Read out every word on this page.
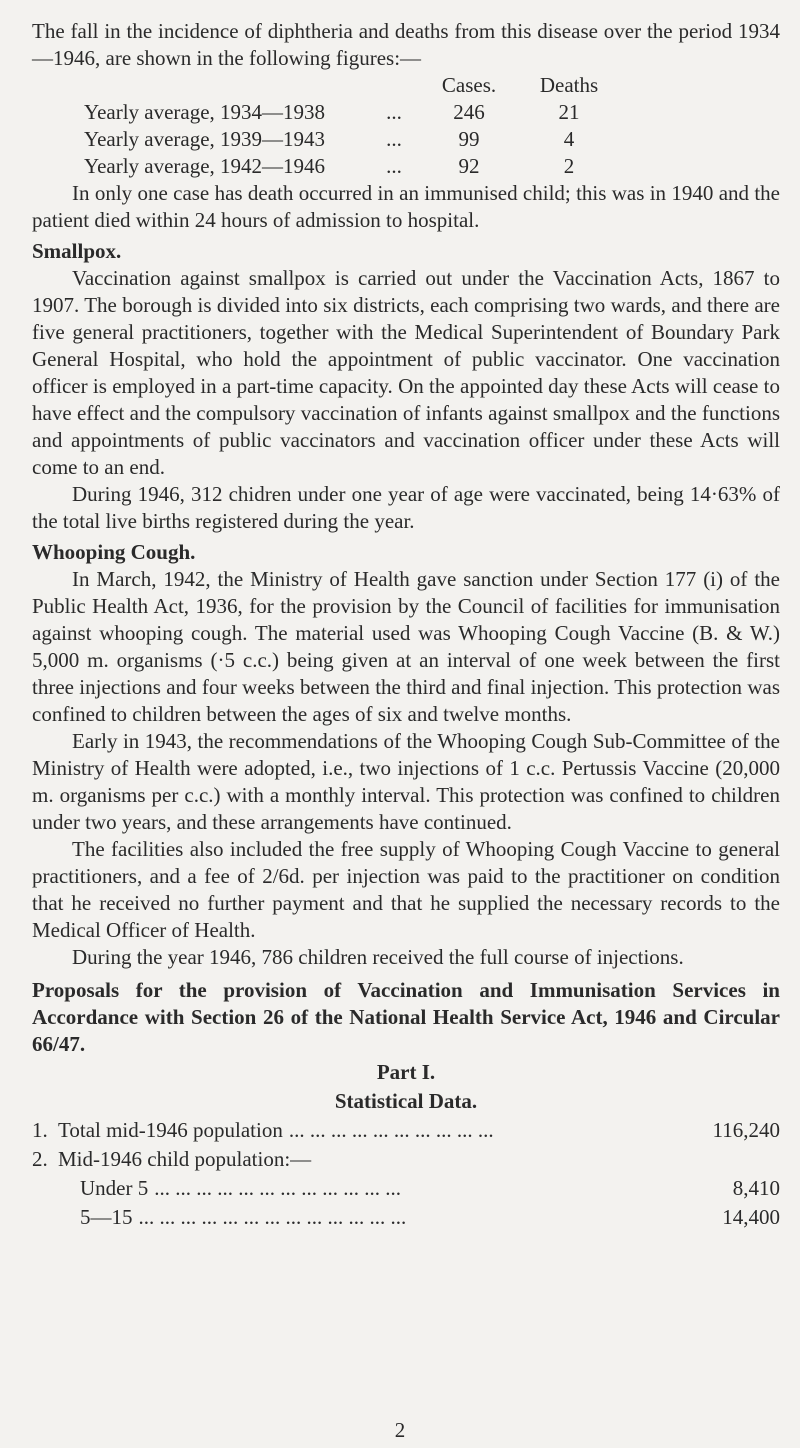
The fall in the incidence of diphtheria and deaths from this disease over the period 1934—1946, are shown in the following figures:—

		Cases.	Deaths
Yearly average, 1934—1938	...	246	21
Yearly average, 1939—1943	...	99	4
Yearly average, 1942—1946	...	92	2

In only one case has death occurred in an immunised child; this was in 1940 and the patient died within 24 hours of admission to hospital.

Smallpox.

Vaccination against smallpox is carried out under the Vaccination Acts, 1867 to 1907. The borough is divided into six districts, each comprising two wards, and there are five general practitioners, together with the Medical Superintendent of Boundary Park General Hospital, who hold the appointment of public vaccinator. One vaccination officer is employed in a part-time capacity. On the appointed day these Acts will cease to have effect and the compulsory vaccination of infants against smallpox and the functions and appointments of public vaccinators and vaccination officer under these Acts will come to an end.

During 1946, 312 chidren under one year of age were vaccinated, being 14·63% of the total live births registered during the year.

Whooping Cough.

In March, 1942, the Ministry of Health gave sanction under Section 177 (i) of the Public Health Act, 1936, for the provision by the Council of facilities for immunisation against whooping cough. The material used was Whooping Cough Vaccine (B. & W.) 5,000 m. organisms (·5 c.c.) being given at an interval of one week between the first three injections and four weeks between the third and final injection. This protection was confined to children between the ages of six and twelve months.

Early in 1943, the recommendations of the Whooping Cough Sub-Committee of the Ministry of Health were adopted, i.e., two injections of 1 c.c. Pertussis Vaccine (20,000 m. organisms per c.c.) with a monthly interval. This protection was confined to children under two years, and these arrangements have continued.

The facilities also included the free supply of Whooping Cough Vaccine to general practitioners, and a fee of 2/6d. per injection was paid to the practitioner on condition that he received no further payment and that he supplied the necessary records to the Medical Officer of Health.

During the year 1946, 786 children received the full course of injections.

Proposals for the provision of Vaccination and Immunisation Services in Accordance with Section 26 of the National Health Service Act, 1946 and Circular 66/47.
Part I.
Statistical Data.
1. Total mid-1946 population ... ... ... ... ... ... ... ... ... ...	116,240
2. Mid-1946 child population:—
Under 5 ... ... ... ... ... ... ... ... ... ... ... ...	8,410
5—15 ... ... ... ... ... ... ... ... ... ... ... ... ...	14,400
2
